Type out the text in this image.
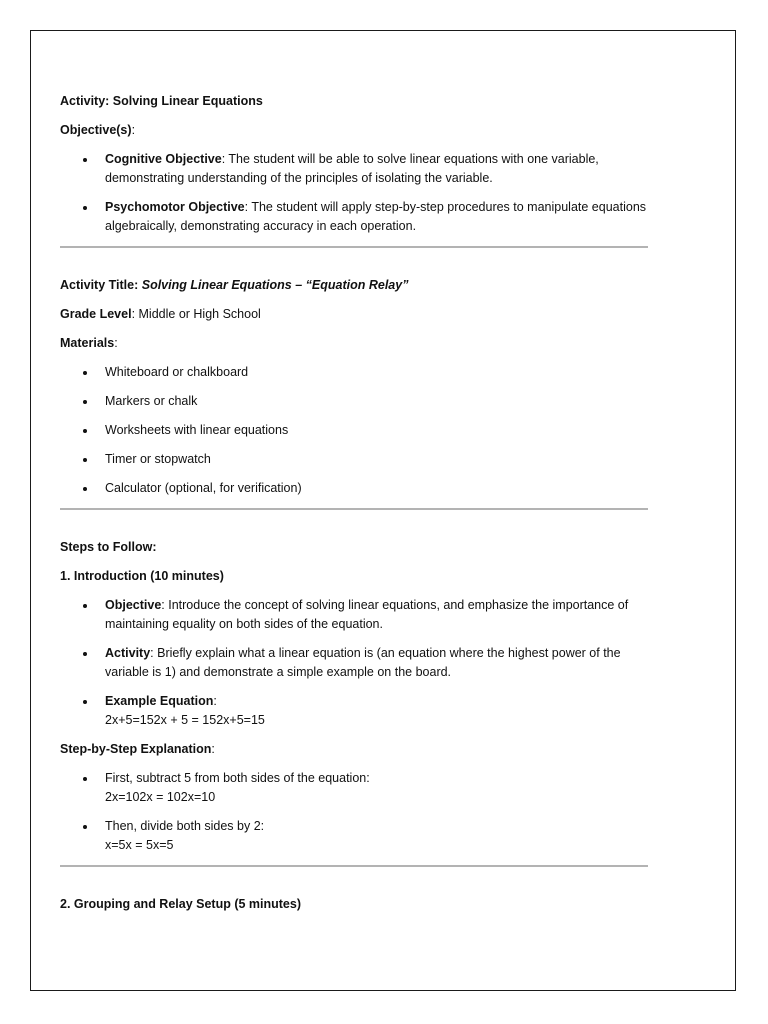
Activity: Solving Linear Equations
Objective(s):
Cognitive Objective: The student will be able to solve linear equations with one variable, demonstrating understanding of the principles of isolating the variable.
Psychomotor Objective: The student will apply step-by-step procedures to manipulate equations algebraically, demonstrating accuracy in each operation.
Activity Title: Solving Linear Equations – “Equation Relay”
Grade Level: Middle or High School
Materials:
Whiteboard or chalkboard
Markers or chalk
Worksheets with linear equations
Timer or stopwatch
Calculator (optional, for verification)
Steps to Follow:
1. Introduction (10 minutes)
Objective: Introduce the concept of solving linear equations, and emphasize the importance of maintaining equality on both sides of the equation.
Activity: Briefly explain what a linear equation is (an equation where the highest power of the variable is 1) and demonstrate a simple example on the board.
Example Equation:
2x+5=152x + 5 = 152x+5=15
Step-by-Step Explanation:
First, subtract 5 from both sides of the equation:
2x=102x = 102x=10
Then, divide both sides by 2:
x=5x = 5x=5
2. Grouping and Relay Setup (5 minutes)
